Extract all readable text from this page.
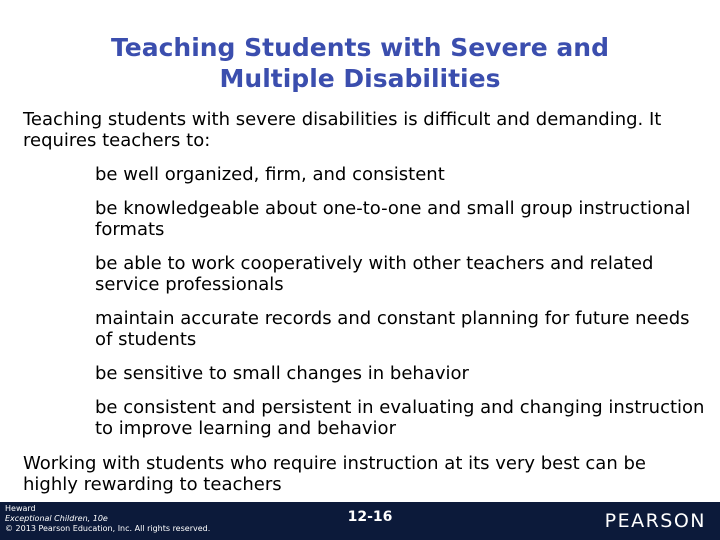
Teaching Students with Severe and
Multiple Disabilities

Teaching students with severe disabilities is difficult and demanding. It requires teachers to:

be well organized, firm, and consistent
be knowledgeable about one-to-one and small group instructional formats
be able to work cooperatively with other teachers and related service professionals
maintain accurate records and constant planning for future needs of students
be sensitive to small changes in behavior
be consistent and persistent in evaluating and changing instruction to improve learning and behavior

Working with students who require instruction at its very best can be highly rewarding to teachers

Heward
Exceptional Children, 10e
© 2013 Pearson Education, Inc. All rights reserved.
12-16	PEARSON
